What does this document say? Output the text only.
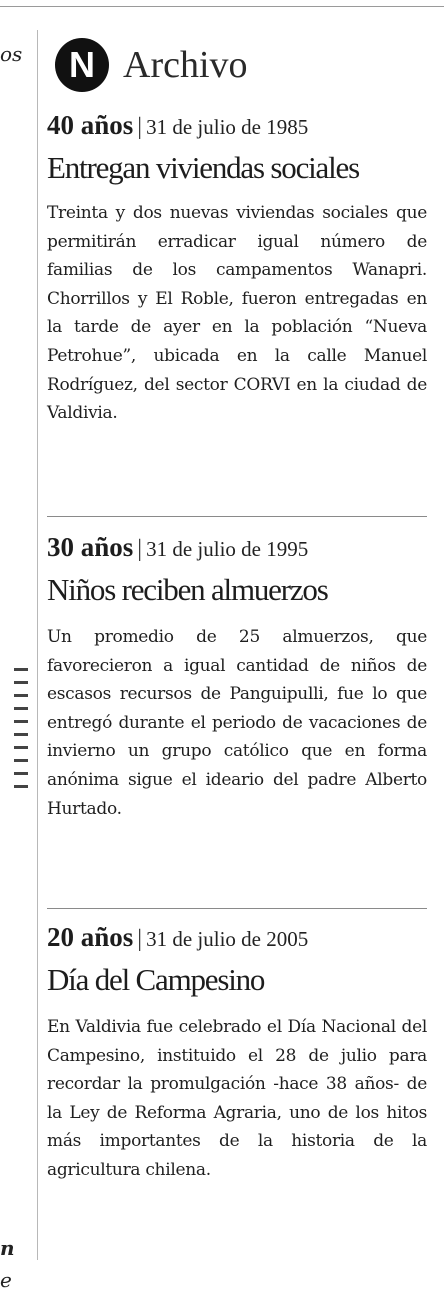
os
n
e
N Archivo
40 años | 31 de julio de 1985
Entregan viviendas sociales
Treinta y dos nuevas viviendas sociales que permitirán erradicar igual número de familias de los campamentos Wanapri. Chorrillos y El Roble, fueron entregadas en la tarde de ayer en la población “Nueva Petrohue”, ubicada en la calle Manuel Rodríguez, del sector CORVI en la ciudad de Valdivia.
30 años | 31 de julio de 1995
Niños reciben almuerzos
Un promedio de 25 almuerzos, que favorecieron a igual cantidad de niños de escasos recursos de Panguipulli, fue lo que entregó durante el periodo de vacaciones de invierno un grupo católico que en forma anónima sigue el ideario del padre Alberto Hurtado.
20 años | 31 de julio de 2005
Día del Campesino
En Valdivia fue celebrado el Día Nacional del Campesino, instituido el 28 de julio para recordar la promulgación -hace 38 años- de la Ley de Reforma Agraria, uno de los hitos más importantes de la historia de la agricultura chilena.
